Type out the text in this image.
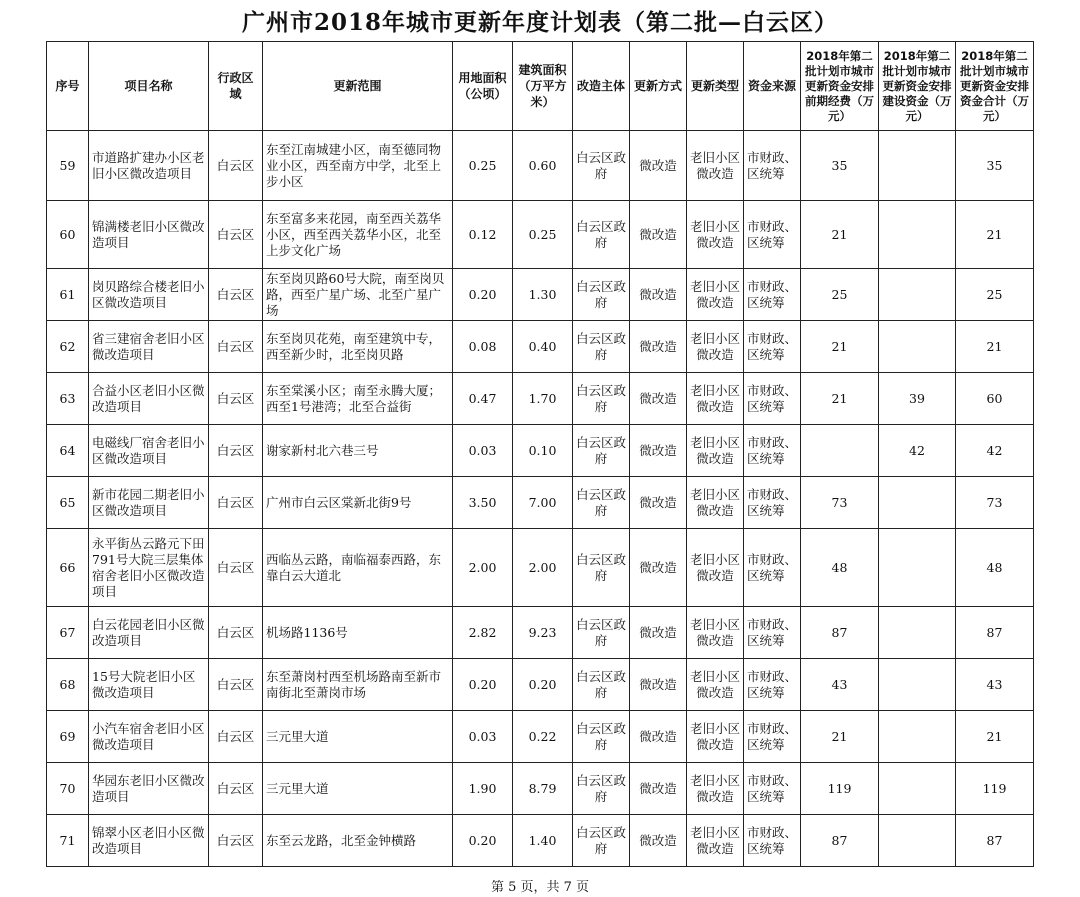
广州市2018年城市更新年度计划表（第二批—白云区）
序号	项目名称	行政区域	更新范围	用地面积（公顷）	建筑面积（万平方米）	改造主体	更新方式	更新类型	资金来源	2018年第二批计划市城市更新资金安排前期经费（万元）	2018年第二批计划市城市更新资金安排建设资金（万元）	2018年第二批计划市城市更新资金安排资金合计（万元）
59	市道路扩建办小区老旧小区微改造项目	白云区	东至江南城建小区，南至德同物业小区，西至南方中学，北至上步小区	0.25	0.60	白云区政府	微改造	老旧小区微改造	市财政、区统筹	35		35
60	锦满楼老旧小区微改造项目	白云区	东至富多来花园，南至西关荔华小区，西至西关荔华小区，北至上步文化广场	0.12	0.25	白云区政府	微改造	老旧小区微改造	市财政、区统筹	21		21
61	岗贝路综合楼老旧小区微改造项目	白云区	东至岗贝路60号大院，南至岗贝路，西至广星广场、北至广星广场	0.20	1.30	白云区政府	微改造	老旧小区微改造	市财政、区统筹	25		25
62	省三建宿舍老旧小区微改造项目	白云区	东至岗贝花苑，南至建筑中专，西至新少时，北至岗贝路	0.08	0.40	白云区政府	微改造	老旧小区微改造	市财政、区统筹	21		21
63	合益小区老旧小区微改造项目	白云区	东至棠溪小区；南至永腾大厦；西至1号港湾；北至合益街	0.47	1.70	白云区政府	微改造	老旧小区微改造	市财政、区统筹	21	39	60
64	电磁线厂宿舍老旧小区微改造项目	白云区	谢家新村北六巷三号	0.03	0.10	白云区政府	微改造	老旧小区微改造	市财政、区统筹		42	42
65	新市花园二期老旧小区微改造项目	白云区	广州市白云区棠新北街9号	3.50	7.00	白云区政府	微改造	老旧小区微改造	市财政、区统筹	73		73
66	永平街丛云路元下田791号大院三层集体宿舍老旧小区微改造项目	白云区	西临丛云路，南临福泰西路，东靠白云大道北	2.00	2.00	白云区政府	微改造	老旧小区微改造	市财政、区统筹	48		48
67	白云花园老旧小区微改造项目	白云区	机场路1136号	2.82	9.23	白云区政府	微改造	老旧小区微改造	市财政、区统筹	87		87
68	15号大院老旧小区微改造项目	白云区	东至萧岗村西至机场路南至新市南街北至萧岗市场	0.20	0.20	白云区政府	微改造	老旧小区微改造	市财政、区统筹	43		43
69	小汽车宿舍老旧小区微改造项目	白云区	三元里大道	0.03	0.22	白云区政府	微改造	老旧小区微改造	市财政、区统筹	21		21
70	华园东老旧小区微改造项目	白云区	三元里大道	1.90	8.79	白云区政府	微改造	老旧小区微改造	市财政、区统筹	119		119
71	锦翠小区老旧小区微改造项目	白云区	东至云龙路，北至金钟横路	0.20	1.40	白云区政府	微改造	老旧小区微改造	市财政、区统筹	87		87
第 5 页，共 7 页
